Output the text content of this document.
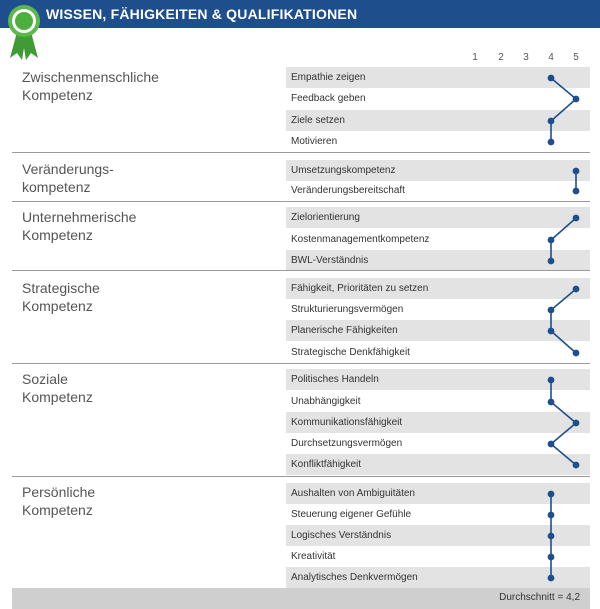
WISSEN, FÄHIGKEITEN & QUALIFIKATIONEN
1	2	3	4	5
Zwischenmenschliche
Kompetenz
Empathie zeigen
Feedback geben
Ziele setzen
Motivieren
Veränderungs-
kompetenz
Umsetzungskompetenz
Veränderungsbereitschaft
Unternehmerische
Kompetenz
Zielorientierung
Kostenmanagementkompetenz
BWL-Verständnis
Strategische
Kompetenz
Fähigkeit, Prioritäten zu setzen
Strukturierungsvermögen
Planerische Fähigkeiten
Strategische Denkfähigkeit
Soziale
Kompetenz
Politisches Handeln
Unabhängigkeit
Kommunikationsfähigkeit
Durchsetzungsvermögen
Konfliktfähigkeit
Persönliche
Kompetenz
Aushalten von Ambiguitäten
Steuerung eigener Gefühle
Logisches Verständnis
Kreativität
Analytisches Denkvermögen
Durchschnitt = 4,2
